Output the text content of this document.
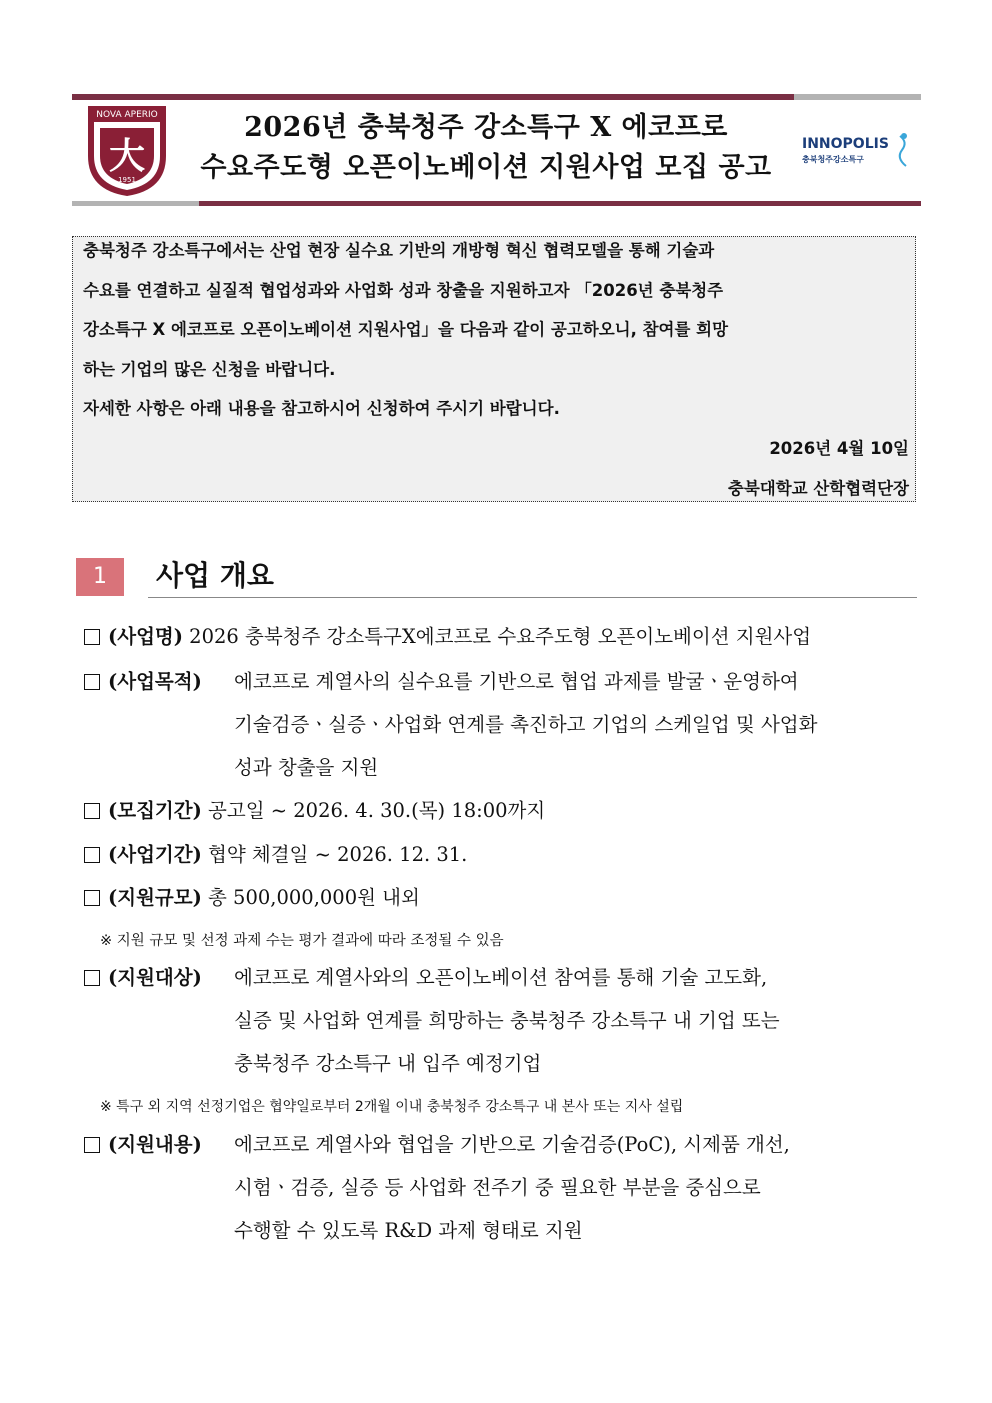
NOVA APERIO
大
1951
2026년 충북청주 강소특구 X 에코프로
수요주도형 오픈이노베이션 지원사업 모집 공고
INNOPOLIS
충북청주강소특구

충북청주 강소특구에서는 산업 현장 실수요 기반의 개방형 혁신 협력모델을 통해 기술과

수요를 연결하고 실질적 협업성과와 사업화 성과 창출을 지원하고자 「2026년 충북청주

강소특구 X 에코프로 오픈이노베이션 지원사업」을 다음과 같이 공고하오니, 참여를 희망

하는 기업의 많은 신청을 바랍니다.

자세한 사항은 아래 내용을 참고하시어 신청하여 주시기 바랍니다.

2026년 4월 10일

충북대학교 산학협력단장

1	사업 개요
(사업명) 2026 충북청주 강소특구X에코프로 수요주도형 오픈이노베이션 지원사업
(사업목적) 에코프로 계열사의 실수요를 기반으로 협업 과제를 발굴ㆍ운영하여
기술검증ㆍ실증ㆍ사업화 연계를 촉진하고 기업의 스케일업 및 사업화
성과 창출을 지원
(모집기간) 공고일 ~ 2026. 4. 30.(목) 18:00까지
(사업기간) 협약 체결일 ~ 2026. 12. 31.
(지원규모) 총 500,000,000원 내외
※ 지원 규모 및 선정 과제 수는 평가 결과에 따라 조정될 수 있음
(지원대상) 에코프로 계열사와의 오픈이노베이션 참여를 통해 기술 고도화,
실증 및 사업화 연계를 희망하는 충북청주 강소특구 내 기업 또는
충북청주 강소특구 내 입주 예정기업
※ 특구 외 지역 선정기업은 협약일로부터 2개월 이내 충북청주 강소특구 내 본사 또는 지사 설립
(지원내용) 에코프로 계열사와 협업을 기반으로 기술검증(PoC), 시제품 개선,
시험ㆍ검증, 실증 등 사업화 전주기 중 필요한 부분을 중심으로
수행할 수 있도록 R&D 과제 형태로 지원
